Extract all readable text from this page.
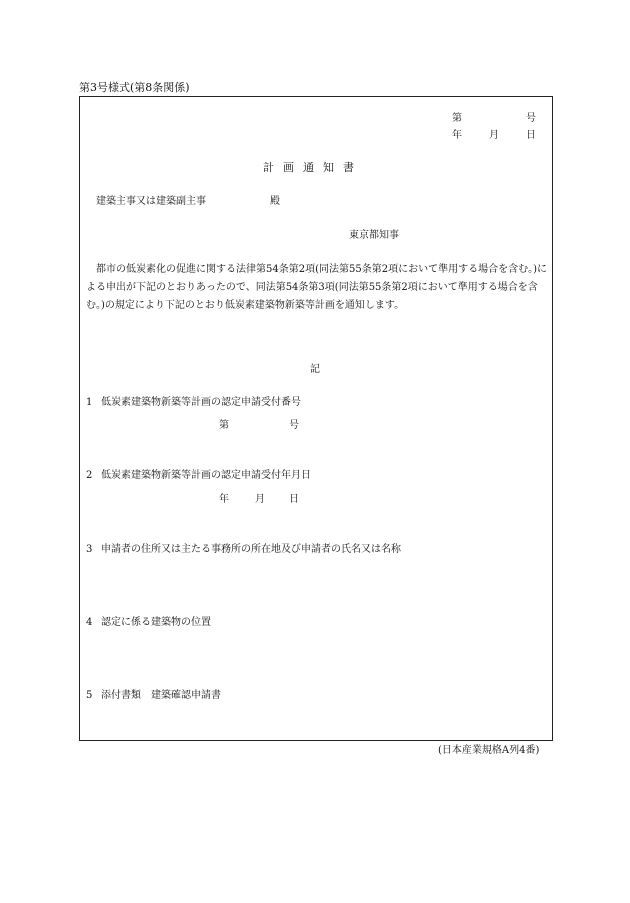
第3号様式(第8条関係)
第	号
年	月	日
計画通知書
建築主事又は建築副主事	殿
東京都知事
都市の低炭素化の促進に関する法律第54条第2項(同法第55条第2項において準用する場合を含む。)による申出が下記のとおりあったので、同法第54条第3項(同法第55条第2項において準用する場合を含む。)の規定により下記のとおり低炭素建築物新築等計画を通知します。
記
1 低炭素建築物新築等計画の認定申請受付番号
第	号
2 低炭素建築物新築等計画の認定申請受付年月日
年	月 日
3 申請者の住所又は主たる事務所の所在地及び申請者の氏名又は名称
4 認定に係る建築物の位置
5 添付書類　建築確認申請書
(日本産業規格A列4番)
